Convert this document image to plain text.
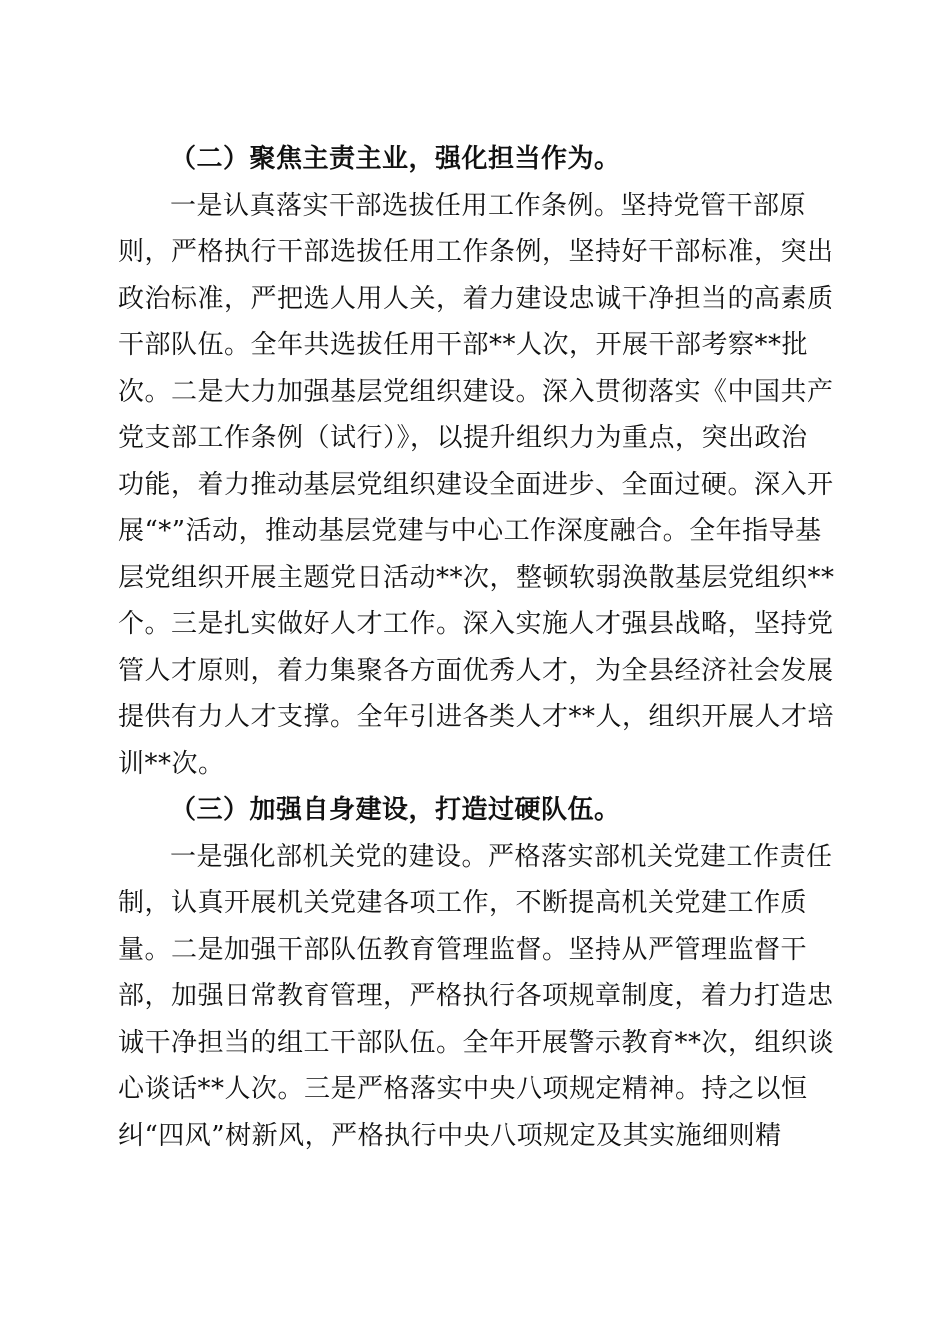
（二）聚焦主责主业，强化担当作为。
一是认真落实干部选拔任用工作条例。坚持党管干部原
则，严格执行干部选拔任用工作条例，坚持好干部标准，突出
政治标准，严把选人用人关，着力建设忠诚干净担当的高素质
干部队伍。全年共选拔任用干部**人次，开展干部考察**批
次。二是大力加强基层党组织建设。深入贯彻落实《中国共产
党支部工作条例（试行）》，以提升组织力为重点，突出政治
功能，着力推动基层党组织建设全面进步、全面过硬。深入开
展“*”活动，推动基层党建与中心工作深度融合。全年指导基
层党组织开展主题党日活动**次，整顿软弱涣散基层党组织**
个。三是扎实做好人才工作。深入实施人才强县战略，坚持党
管人才原则，着力集聚各方面优秀人才，为全县经济社会发展
提供有力人才支撑。全年引进各类人才**人，组织开展人才培
训**次。
（三）加强自身建设，打造过硬队伍。
一是强化部机关党的建设。严格落实部机关党建工作责任
制，认真开展机关党建各项工作，不断提高机关党建工作质
量。二是加强干部队伍教育管理监督。坚持从严管理监督干
部，加强日常教育管理，严格执行各项规章制度，着力打造忠
诚干净担当的组工干部队伍。全年开展警示教育**次，组织谈
心谈话**人次。三是严格落实中央八项规定精神。持之以恒
纠“四风”树新风，严格执行中央八项规定及其实施细则精
